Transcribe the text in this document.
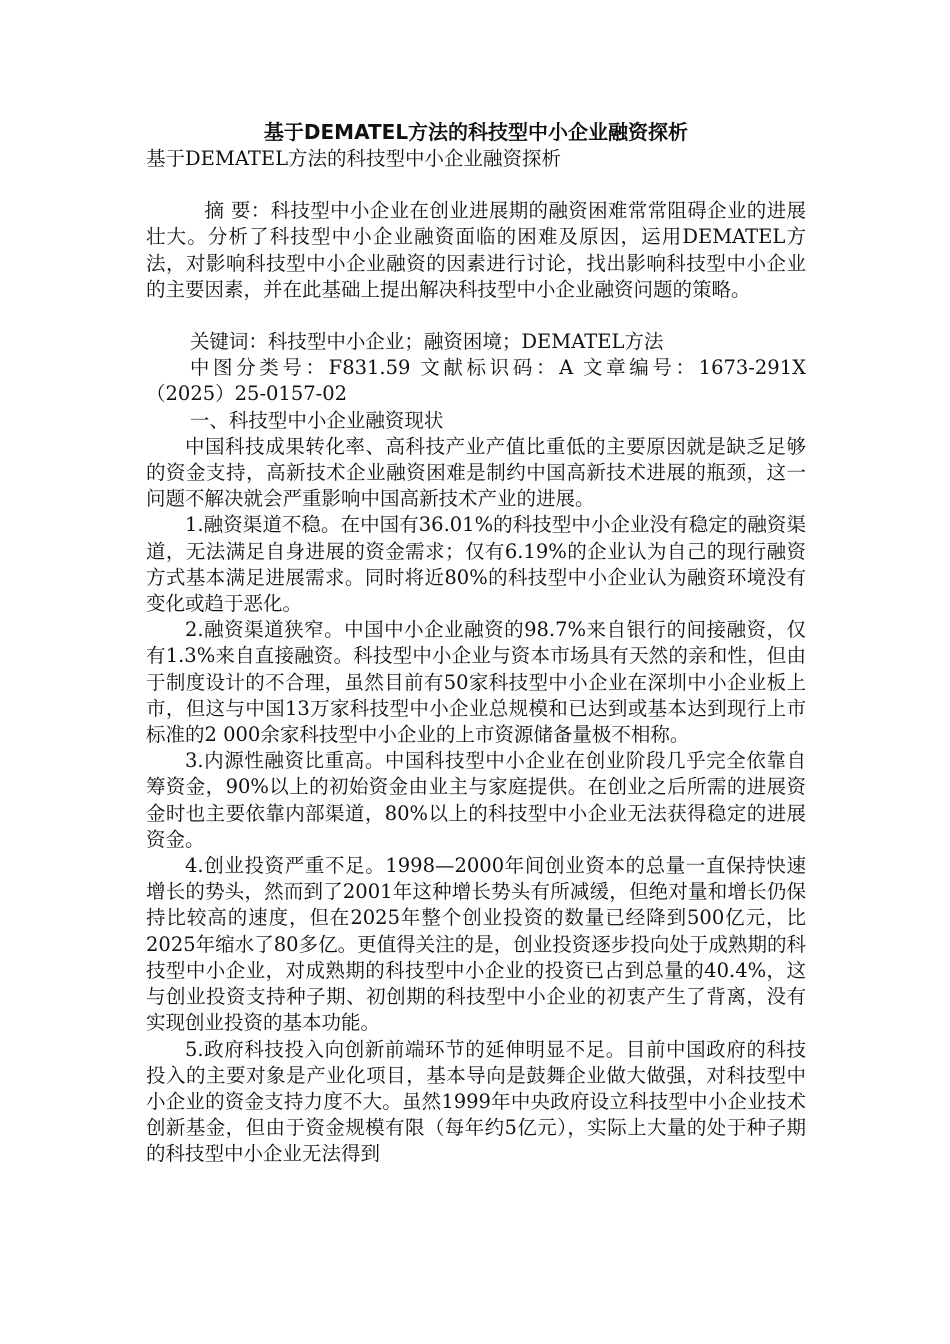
基于DEMATEL方法的科技型中小企业融资探析

基于DEMATEL方法的科技型中小企业融资探析

摘 要：科技型中小企业在创业进展期的融资困难常常阻碍企业的进展壮大。分析了科技型中小企业融资面临的困难及原因，运用DEMATEL方法，对影响科技型中小企业融资的因素进行讨论，找出影响科技型中小企业的主要因素，并在此基础上提出解决科技型中小企业融资问题的策略。

关键词：科技型中小企业；融资困境；DEMATEL方法

中图分类号：F831.59 文献标识码：A 文章编号：1673-291X（2025）25-0157-02

一、科技型中小企业融资现状

中国科技成果转化率、高科技产业产值比重低的主要原因就是缺乏足够的资金支持，高新技术企业融资困难是制约中国高新技术进展的瓶颈，这一问题不解决就会严重影响中国高新技术产业的进展。

1.融资渠道不稳。在中国有36.01%的科技型中小企业没有稳定的融资渠道，无法满足自身进展的资金需求；仅有6.19%的企业认为自己的现行融资方式基本满足进展需求。同时将近80%的科技型中小企业认为融资环境没有变化或趋于恶化。

2.融资渠道狭窄。中国中小企业融资的98.7%来自银行的间接融资，仅有1.3%来自直接融资。科技型中小企业与资本市场具有天然的亲和性，但由于制度设计的不合理，虽然目前有50家科技型中小企业在深圳中小企业板上市，但这与中国13万家科技型中小企业总规模和已达到或基本达到现行上市标准的2 000余家科技型中小企业的上市资源储备量极不相称。

3.内源性融资比重高。中国科技型中小企业在创业阶段几乎完全依靠自筹资金，90%以上的初始资金由业主与家庭提供。在创业之后所需的进展资金时也主要依靠内部渠道，80%以上的科技型中小企业无法获得稳定的进展资金。

4.创业投资严重不足。1998—2000年间创业资本的总量一直保持快速增长的势头，然而到了2001年这种增长势头有所减缓，但绝对量和增长仍保持比较高的速度，但在2025年整个创业投资的数量已经降到500亿元，比2025年缩水了80多亿。更值得关注的是，创业投资逐步投向处于成熟期的科技型中小企业，对成熟期的科技型中小企业的投资已占到总量的40.4%，这与创业投资支持种子期、初创期的科技型中小企业的初衷产生了背离，没有实现创业投资的基本功能。

5.政府科技投入向创新前端环节的延伸明显不足。目前中国政府的科技投入的主要对象是产业化项目，基本导向是鼓舞企业做大做强，对科技型中小企业的资金支持力度不大。虽然1999年中央政府设立科技型中小企业技术创新基金，但由于资金规模有限（每年约5亿元），实际上大量的处于种子期的科技型中小企业无法得到
